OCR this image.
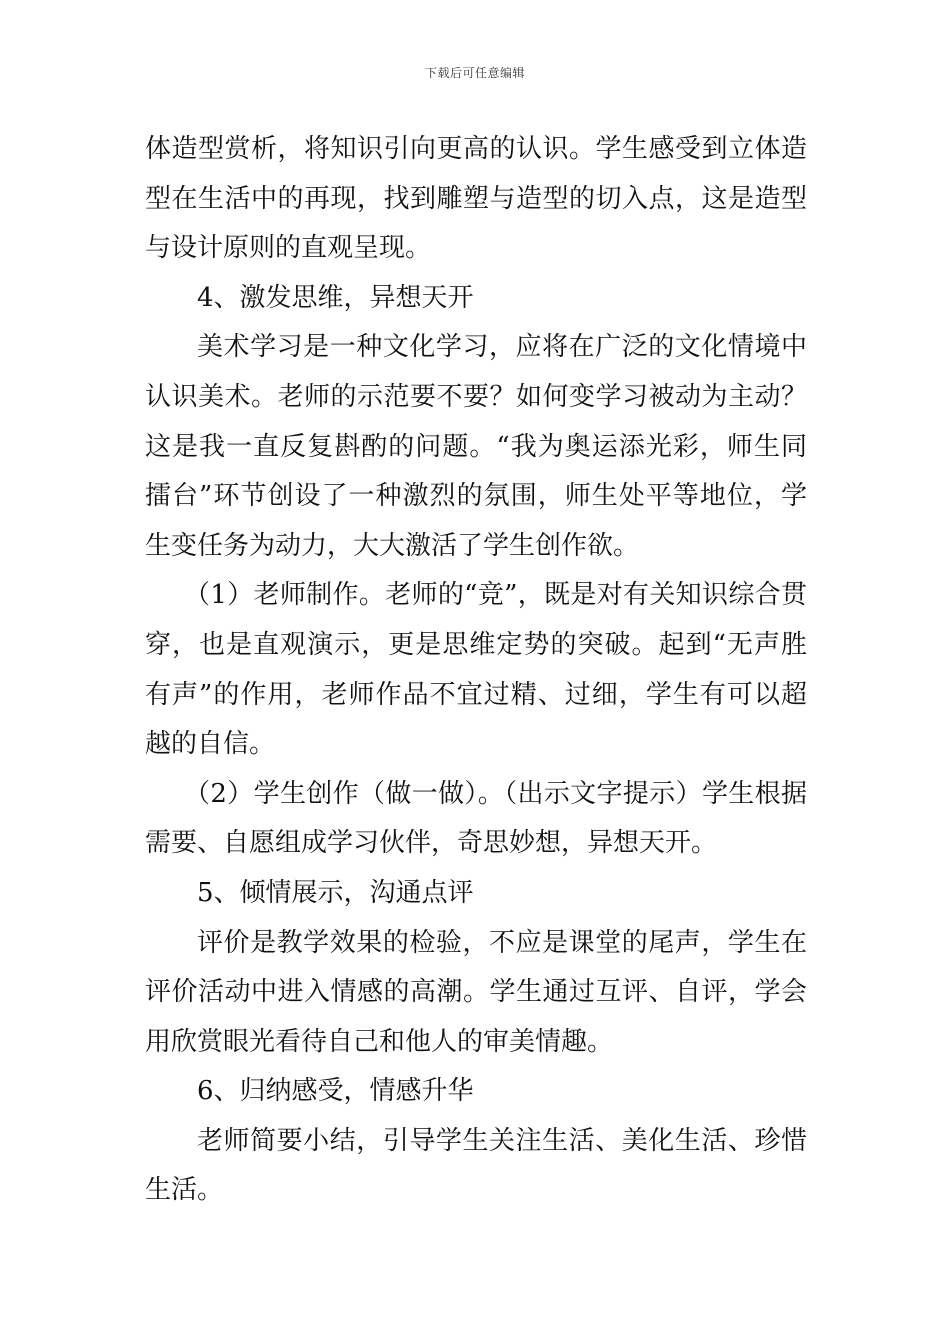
下载后可任意编辑

体造型赏析，将知识引向更高的认识。学生感受到立体造型在生活中的再现，找到雕塑与造型的切入点，这是造型与设计原则的直观呈现。

4、激发思维，异想天开

美术学习是一种文化学习，应将在广泛的文化情境中认识美术。老师的示范要不要？如何变学习被动为主动？这是我一直反复斟酌的问题。“我为奥运添光彩，师生同擂台”环节创设了一种激烈的氛围，师生处平等地位，学生变任务为动力，大大激活了学生创作欲。

（1）老师制作。老师的“竞”，既是对有关知识综合贯穿，也是直观演示，更是思维定势的突破。起到“无声胜有声”的作用，老师作品不宜过精、过细，学生有可以超越的自信。

（2）学生创作（做一做）。（出示文字提示）学生根据需要、自愿组成学习伙伴，奇思妙想，异想天开。

5、倾情展示，沟通点评

评价是教学效果的检验，不应是课堂的尾声，学生在评价活动中进入情感的高潮。学生通过互评、自评，学会用欣赏眼光看待自己和他人的审美情趣。

6、归纳感受，情感升华

老师简要小结，引导学生关注生活、美化生活、珍惜生活。
